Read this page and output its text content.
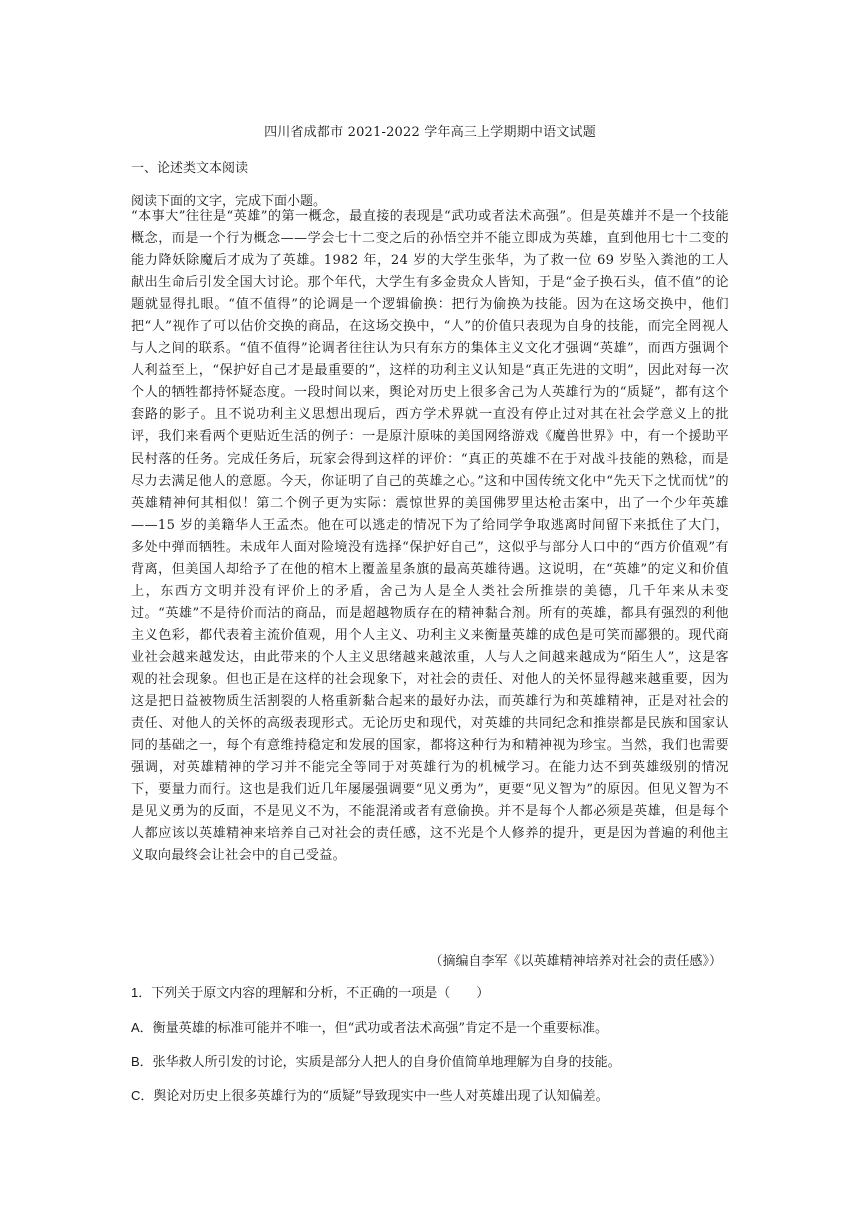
四川省成都市 2021-2022 学年高三上学期期中语文试题
一、论述类文本阅读
阅读下面的文字，完成下面小题。
“本事大”往往是“英雄”的第一概念，最直接的表现是“武功或者法术高强”。但是英雄并不是一个技能概念，而是一个行为概念——学会七十二变之后的孙悟空并不能立即成为英雄，直到他用七十二变的能力降妖除魔后才成为了英雄。1982 年，24 岁的大学生张华，为了救一位 69 岁坠入粪池的工人献出生命后引发全国大讨论。那个年代，大学生有多金贵众人皆知，于是“金子换石头，值不值”的论题就显得扎眼。“值不值得”的论调是一个逻辑偷换：把行为偷换为技能。因为在这场交换中，他们把“人”视作了可以估价交换的商品，在这场交换中，“人”的价值只表现为自身的技能，而完全罔视人与人之间的联系。“值不值得”论调者往往认为只有东方的集体主义文化才强调“英雄”，而西方强调个人利益至上，“保护好自己才是最重要的”，这样的功利主义认知是“真正先进的文明”，因此对每一次个人的牺牲都持怀疑态度。一段时间以来，舆论对历史上很多舍己为人英雄行为的“质疑”，都有这个套路的影子。且不说功利主义思想出现后，西方学术界就一直没有停止过对其在社会学意义上的批评，我们来看两个更贴近生活的例子：一是原汁原味的美国网络游戏《魔兽世界》中，有一个援助平民村落的任务。完成任务后，玩家会得到这样的评价：“真正的英雄不在于对战斗技能的熟稔，而是尽力去满足他人的意愿。今天，你证明了自己的英雄之心。”这和中国传统文化中“先天下之忧而忧”的英雄精神何其相似！第二个例子更为实际：震惊世界的美国佛罗里达枪击案中，出了一个少年英雄——15 岁的美籍华人王孟杰。他在可以逃走的情况下为了给同学争取逃离时间留下来抵住了大门，多处中弹而牺牲。未成年人面对险境没有选择“保护好自己”，这似乎与部分人口中的“西方价值观”有背离，但美国人却给予了在他的棺木上覆盖星条旗的最高英雄待遇。这说明，在“英雄”的定义和价值上，东西方文明并没有评价上的矛盾，舍己为人是全人类社会所推崇的美德，几千年来从未变过。“英雄”不是待价而沽的商品，而是超越物质存在的精神黏合剂。所有的英雄，都具有强烈的利他主义色彩，都代表着主流价值观，用个人主义、功利主义来衡量英雄的成色是可笑而鄙猥的。现代商业社会越来越发达，由此带来的个人主义思绪越来越浓重，人与人之间越来越成为“陌生人”，这是客观的社会现象。但也正是在这样的社会现象下，对社会的责任、对他人的关怀显得越来越重要，因为这是把日益被物质生活割裂的人格重新黏合起来的最好办法，而英雄行为和英雄精神，正是对社会的责任、对他人的关怀的高级表现形式。无论历史和现代，对英雄的共同纪念和推崇都是民族和国家认同的基础之一，每个有意维持稳定和发展的国家，都将这种行为和精神视为珍宝。当然，我们也需要强调，对英雄精神的学习并不能完全等同于对英雄行为的机械学习。在能力达不到英雄级别的情况下，要量力而行。这也是我们近几年屡屡强调要“见义勇为”，更要“见义智为”的原因。但见义智为不是见义勇为的反面，不是见义不为，不能混淆或者有意偷换。并不是每个人都必须是英雄，但是每个人都应该以英雄精神来培养自己对社会的责任感，这不光是个人修养的提升，更是因为普遍的利他主义取向最终会让社会中的自己受益。
（摘编自李军《以英雄精神培养对社会的责任感》）
1．下列关于原文内容的理解和分析，不正确的一项是（　　）
A．衡量英雄的标准可能并不唯一，但“武功或者法术高强”肯定不是一个重要标准。
B．张华救人所引发的讨论，实质是部分人把人的自身价值简单地理解为自身的技能。
C．舆论对历史上很多英雄行为的“质疑”导致现实中一些人对英雄出现了认知偏差。
